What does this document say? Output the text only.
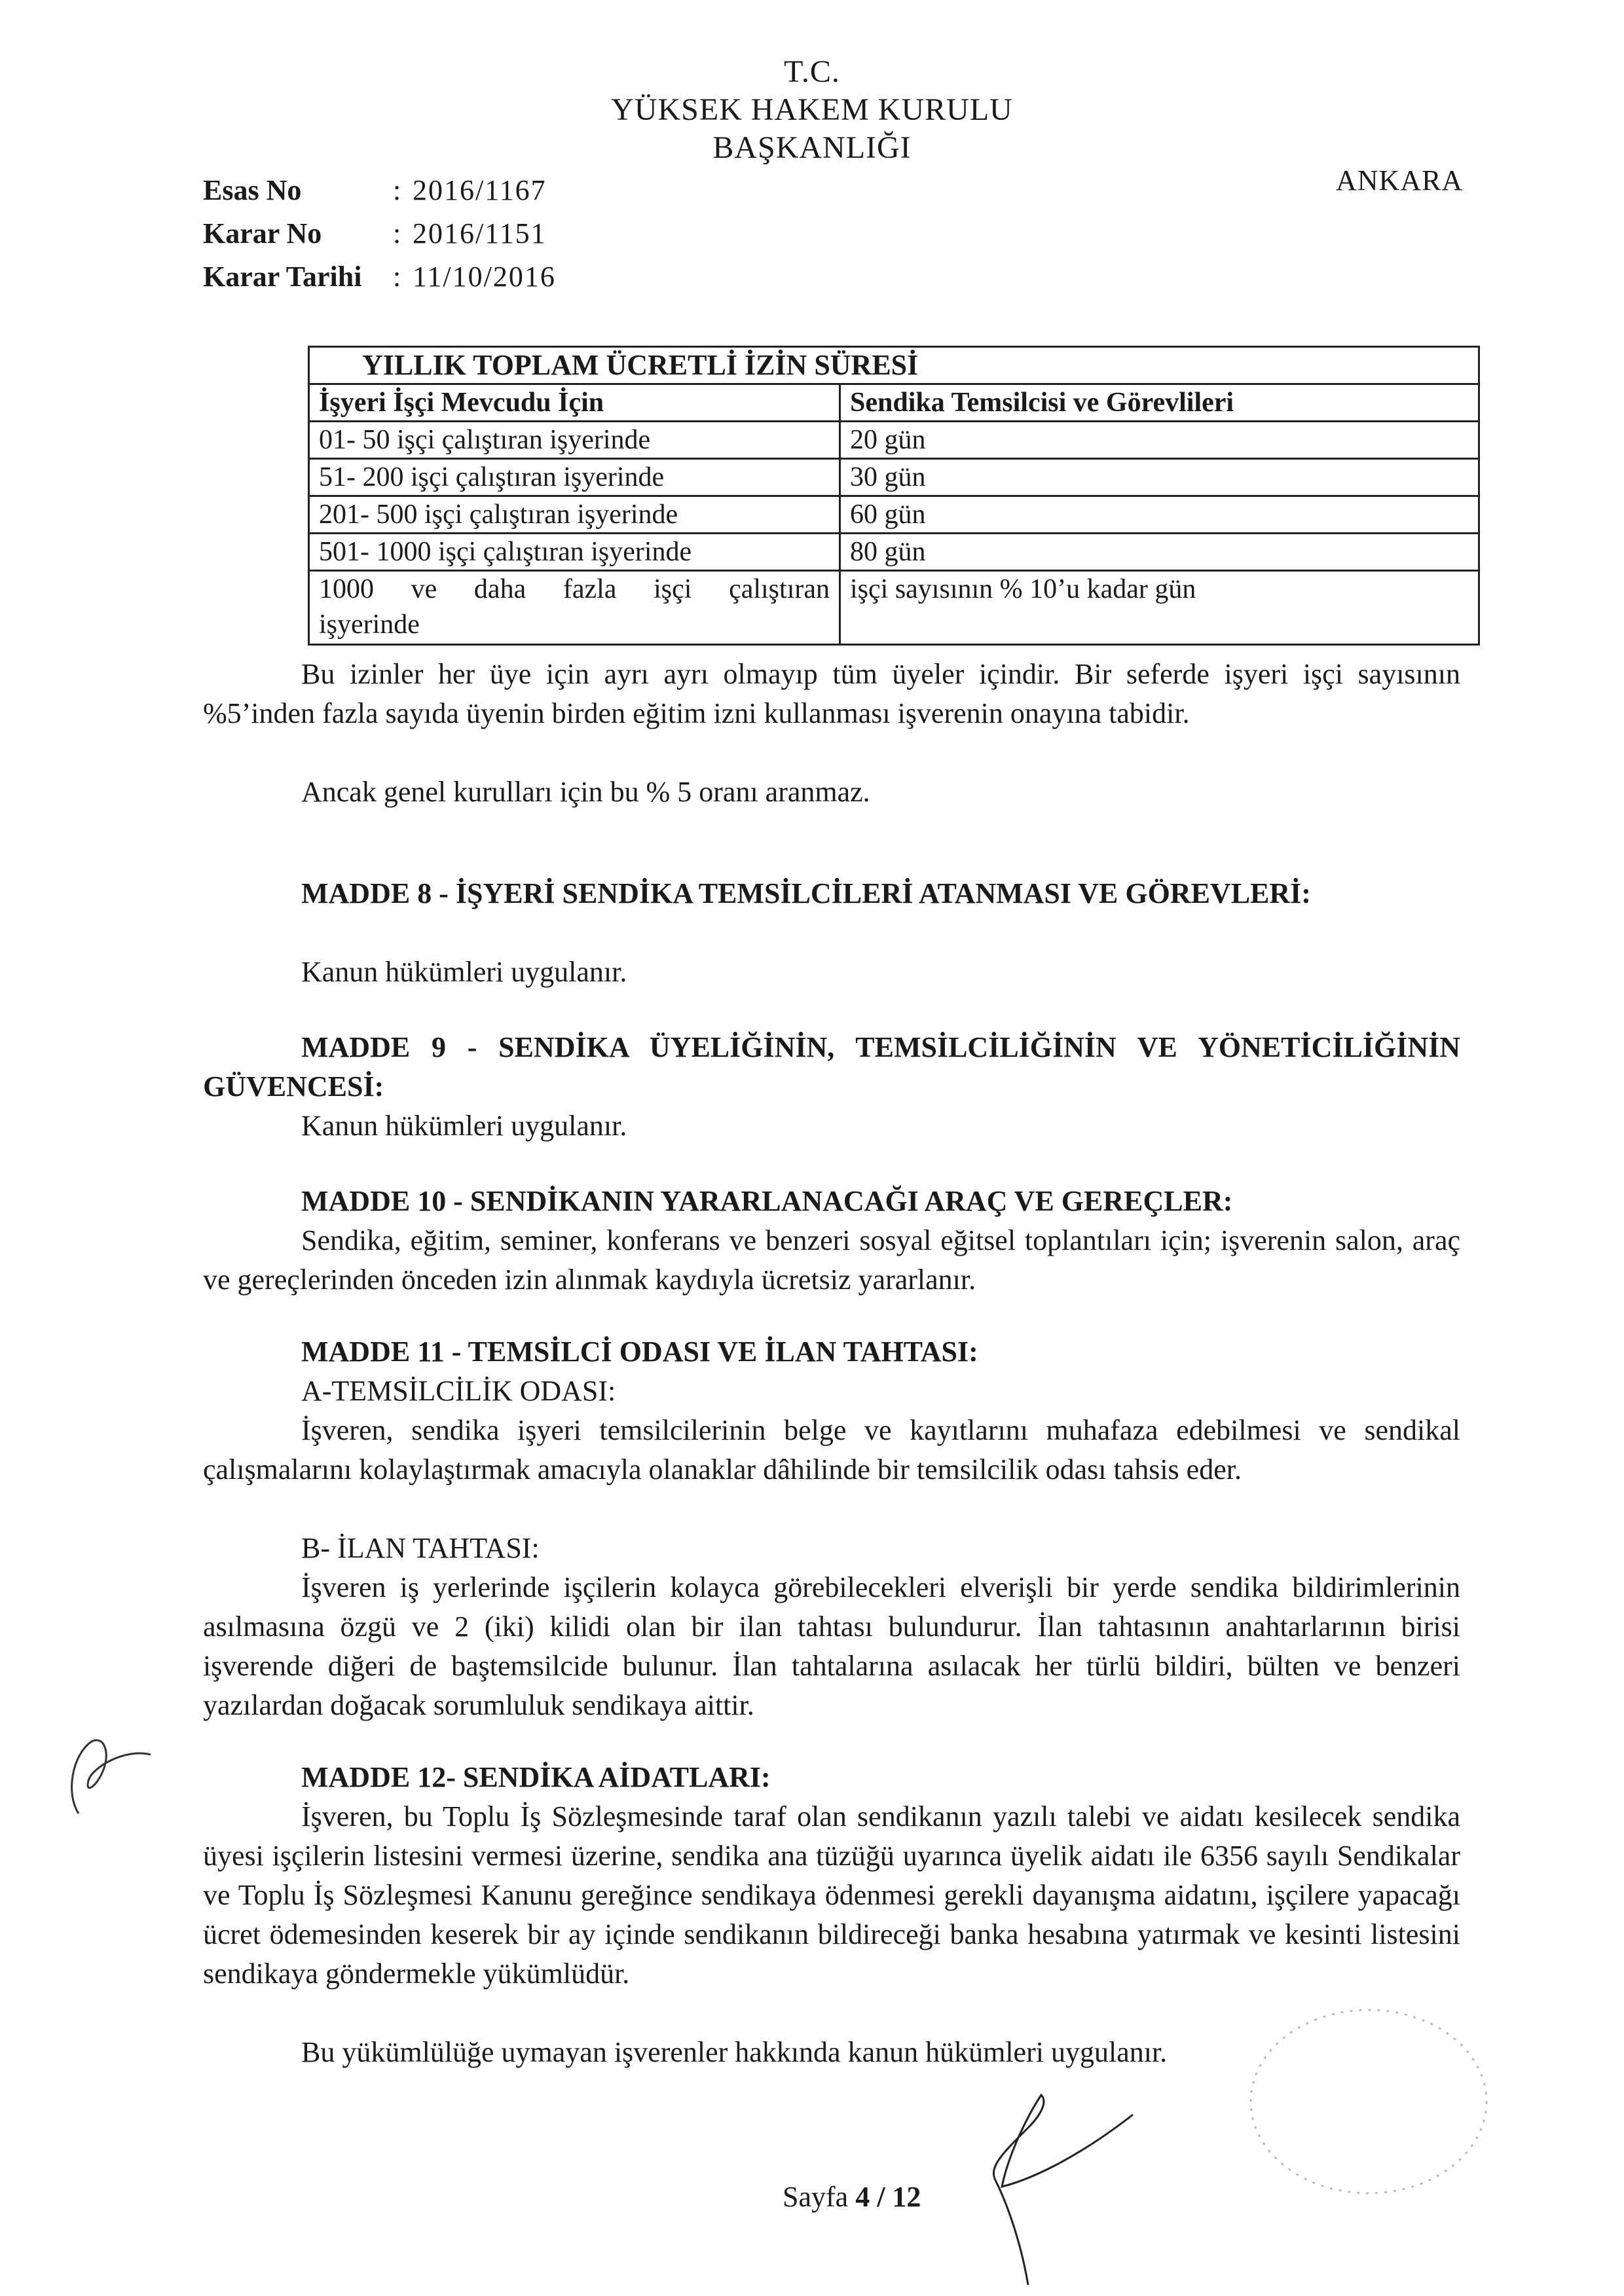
T.C.
YÜKSEK HAKEM KURULU
BAŞKANLIĞI
ANKARA
Esas No	: 2016/1167
Karar No	: 2016/1151
Karar Tarihi	: 11/10/2016
YILLIK TOPLAM ÜCRETLİ İZİN SÜRESİ	
İşyeri İşçi Mevcudu İçin	Sendika Temsilcisi ve Görevlileri
01- 50 işçi çalıştıran işyerinde	20 gün
51- 200 işçi çalıştıran işyerinde	30 gün
201- 500 işçi çalıştıran işyerinde	60 gün
501- 1000 işçi çalıştıran işyerinde	80 gün

1000 ve daha fazla işçi çalıştıran
işyerinde	işçi sayısının % 10’u kadar gün
Bu izinler her üye için ayrı ayrı olmayıp tüm üyeler içindir. Bir seferde işyeri işçi sayısının %5’inden fazla sayıda üyenin birden eğitim izni kullanması işverenin onayına tabidir.
Ancak genel kurulları için bu % 5 oranı aranmaz.
MADDE 8 - İŞYERİ SENDİKA TEMSİLCİLERİ ATANMASI VE GÖREVLERİ:
Kanun hükümleri uygulanır.
MADDE 9 - SENDİKA ÜYELİĞİNİN, TEMSİLCİLİĞİNİN VE YÖNETİCİLİĞİNİN GÜVENCESİ:
Kanun hükümleri uygulanır.
MADDE 10 - SENDİKANIN YARARLANACAĞI ARAÇ VE GEREÇLER:
Sendika, eğitim, seminer, konferans ve benzeri sosyal eğitsel toplantıları için; işverenin salon, araç ve gereçlerinden önceden izin alınmak kaydıyla ücretsiz yararlanır.
MADDE 11 - TEMSİLCİ ODASI VE İLAN TAHTASI:
A-TEMSİLCİLİK ODASI:
İşveren, sendika işyeri temsilcilerinin belge ve kayıtlarını muhafaza edebilmesi ve sendikal çalışmalarını kolaylaştırmak amacıyla olanaklar dâhilinde bir temsilcilik odası tahsis eder.
B- İLAN TAHTASI:
İşveren iş yerlerinde işçilerin kolayca görebilecekleri elverişli bir yerde sendika bildirimlerinin asılmasına özgü ve 2 (iki) kilidi olan bir ilan tahtası bulundurur. İlan tahtasının anahtarlarının birisi işverende diğeri de baştemsilcide bulunur. İlan tahtalarına asılacak her türlü bildiri, bülten ve benzeri yazılardan doğacak sorumluluk sendikaya aittir.
MADDE 12- SENDİKA AİDATLARI:
İşveren, bu Toplu İş Sözleşmesinde taraf olan sendikanın yazılı talebi ve aidatı kesilecek sendika üyesi işçilerin listesini vermesi üzerine, sendika ana tüzüğü uyarınca üyelik aidatı ile 6356 sayılı Sendikalar ve Toplu İş Sözleşmesi Kanunu gereğince sendikaya ödenmesi gerekli dayanışma aidatını, işçilere yapacağı ücret ödemesinden keserek bir ay içinde sendikanın bildireceği banka hesabına yatırmak ve kesinti listesini sendikaya göndermekle yükümlüdür.
Bu yükümlülüğe uymayan işverenler hakkında kanun hükümleri uygulanır.
Sayfa 4 / 12
